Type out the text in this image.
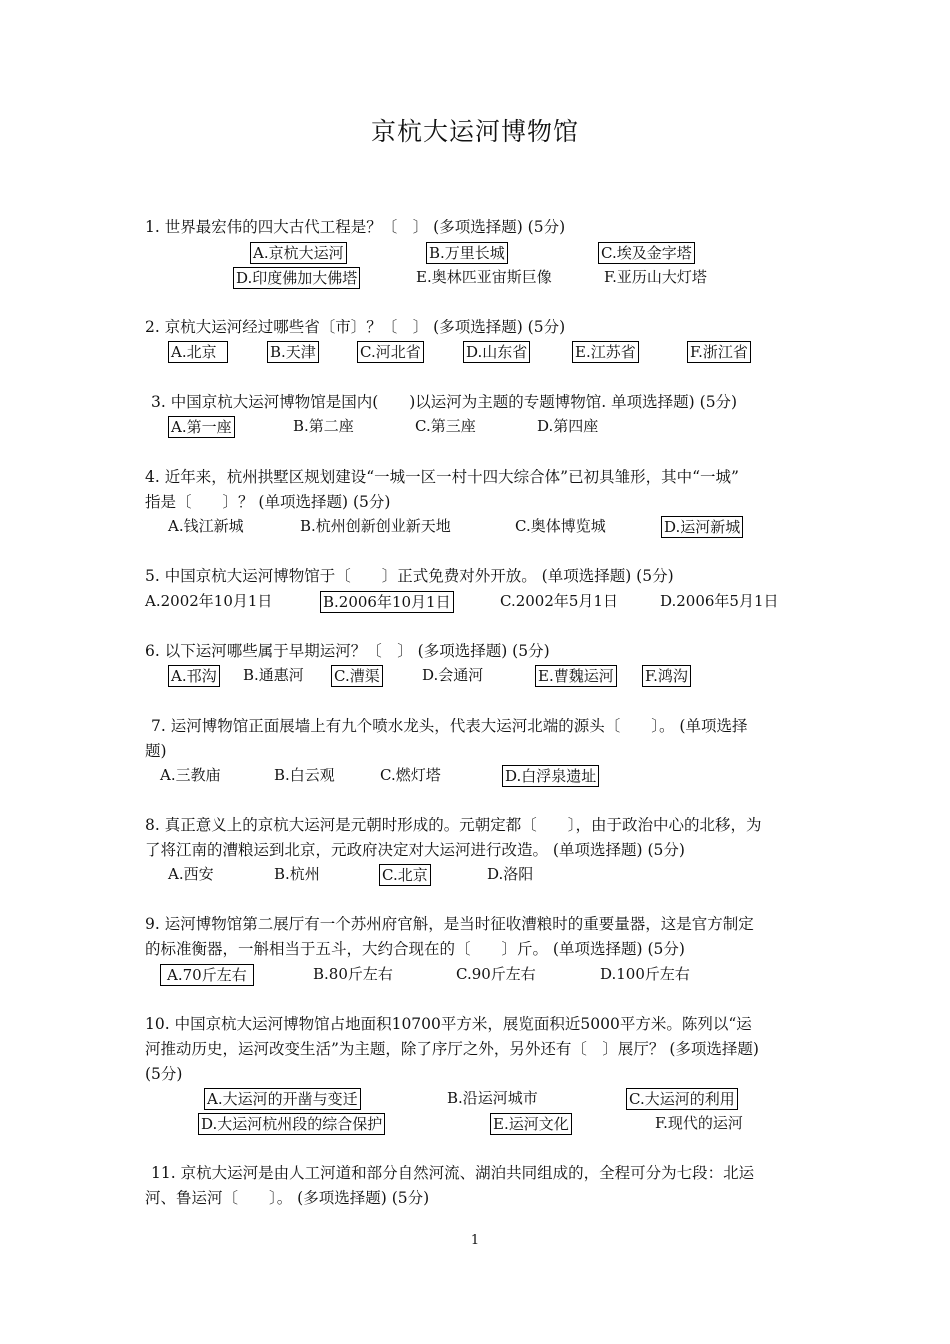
京杭大运河博物馆
1. 世界最宏伟的四大古代工程是？〔　〕 (多项选择题) (5分)
A.京杭大运河	B.万里长城	C.埃及金字塔
D.印度佛加大佛塔	E.奥林匹亚宙斯巨像	F.亚历山大灯塔
2. 京杭大运河经过哪些省〔市〕？〔　〕 (多项选择题) (5分)
A.北京	B.天津	C.河北省	D.山东省	E.江苏省	F.浙江省
3. 中国京杭大运河博物馆是国内(　　)以运河为主题的专题博物馆. 单项选择题) (5分)
A.第一座	B.第二座	C.第三座	D.第四座
4. 近年来，杭州拱墅区规划建设“一城一区一村十四大综合体”已初具雏形，其中“一城”
指是〔　　〕？ (单项选择题) (5分)
A.钱江新城	B.杭州创新创业新天地	C.奥体博览城	D.运河新城
5. 中国京杭大运河博物馆于〔　　〕正式免费对外开放。 (单项选择题) (5分)
A.2002年10月1日	B.2006年10月1日	C.2002年5月1日	D.2006年5月1日
6. 以下运河哪些属于早期运河？〔　〕 (多项选择题) (5分)
A.邗沟 B.通惠河 C.漕渠	D.会通河	E.曹魏运河 F.鸿沟
7. 运河博物馆正面展墙上有九个喷水龙头，代表大运河北端的源头〔　　〕。 (单项选择
题)
A.三教庙	B.白云观	C.燃灯塔	D.白浮泉遗址
8. 真正意义上的京杭大运河是元朝时形成的。元朝定都〔　　〕，由于政治中心的北移，为
了将江南的漕粮运到北京，元政府决定对大运河进行改造。 (单项选择题) (5分)
A.西安	B.杭州	C.北京	D.洛阳
9. 运河博物馆第二展厅有一个苏州府官斛，是当时征收漕粮时的重要量器，这是官方制定
的标准衡器，一斛相当于五斗，大约合现在的〔　　〕斤。 (单项选择题) (5分)
A.70斤左右	B.80斤左右	C.90斤左右	D.100斤左右
10. 中国京杭大运河博物馆占地面积10700平方米，展览面积近5000平方米。陈列以“运
河推动历史，运河改变生活”为主题，除了序厅之外，另外还有〔　〕展厅？ (多项选择题)
(5分)
A.大运河的开凿与变迁	B.沿运河城市	C.大运河的利用
D.大运河杭州段的综合保护	E.运河文化	F.现代的运河
11. 京杭大运河是由人工河道和部分自然河流、湖泊共同组成的，全程可分为七段：北运
河、鲁运河〔　　〕。 (多项选择题) (5分)
1
